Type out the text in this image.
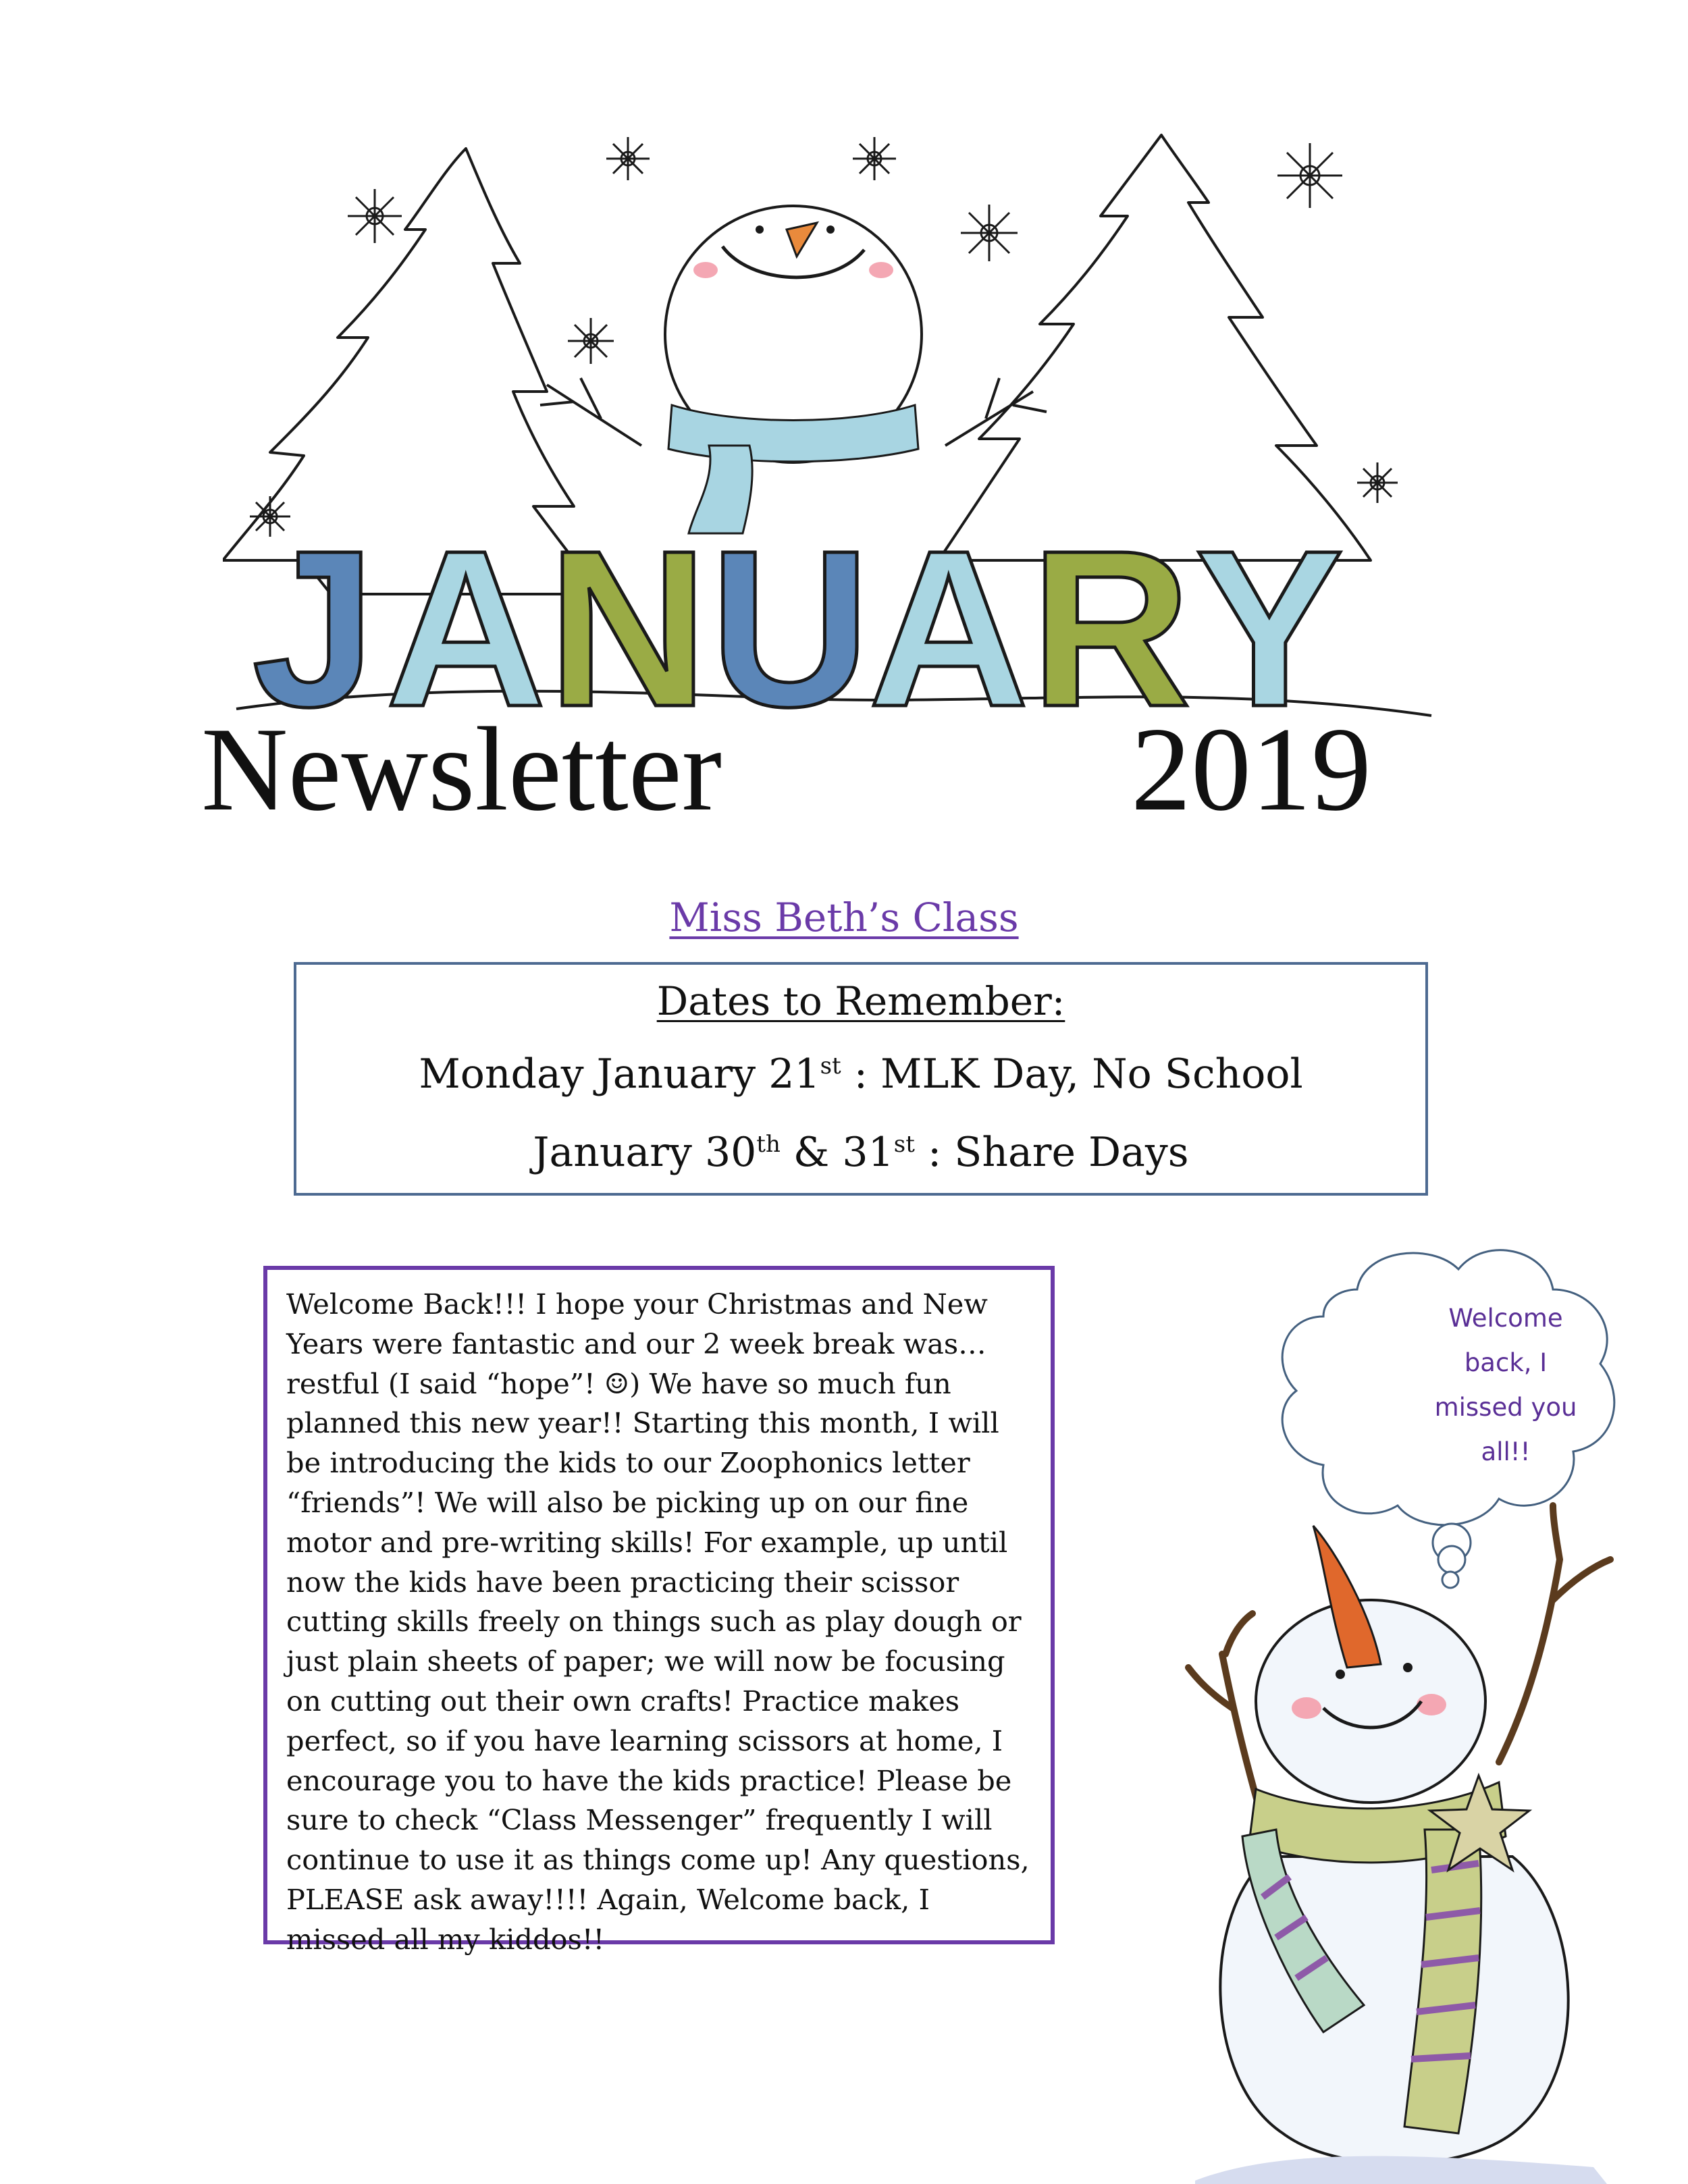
J A N U
A R Y
Newsletter	2019
Miss Beth’s Class
Dates to Remember:
Monday January 21st : MLK Day, No School
January 30th & 31st : Share Days

Welcome Back!!! I hope your Christmas and New Years were fantastic and our 2 week break was…restful (I said “hope”! ☺) We have so much fun planned this new year!! Starting this month, I will be introducing the kids to our Zoophonics letter “friends”! We will also be picking up on our fine motor and pre-writing skills! For example, up until now the kids have been practicing their scissor cutting skills freely on things such as play dough or just plain sheets of paper; we will now be focusing on cutting out their own crafts! Practice makes perfect, so if you have learning scissors at home, I encourage you to have the kids practice! Please be sure to check “Class Messenger” frequently I will continue to use it as things come up! Any questions, PLEASE ask away!!!! Again, Welcome back, I missed all my kiddos!!

Welcome
back, I
missed you
all!!
